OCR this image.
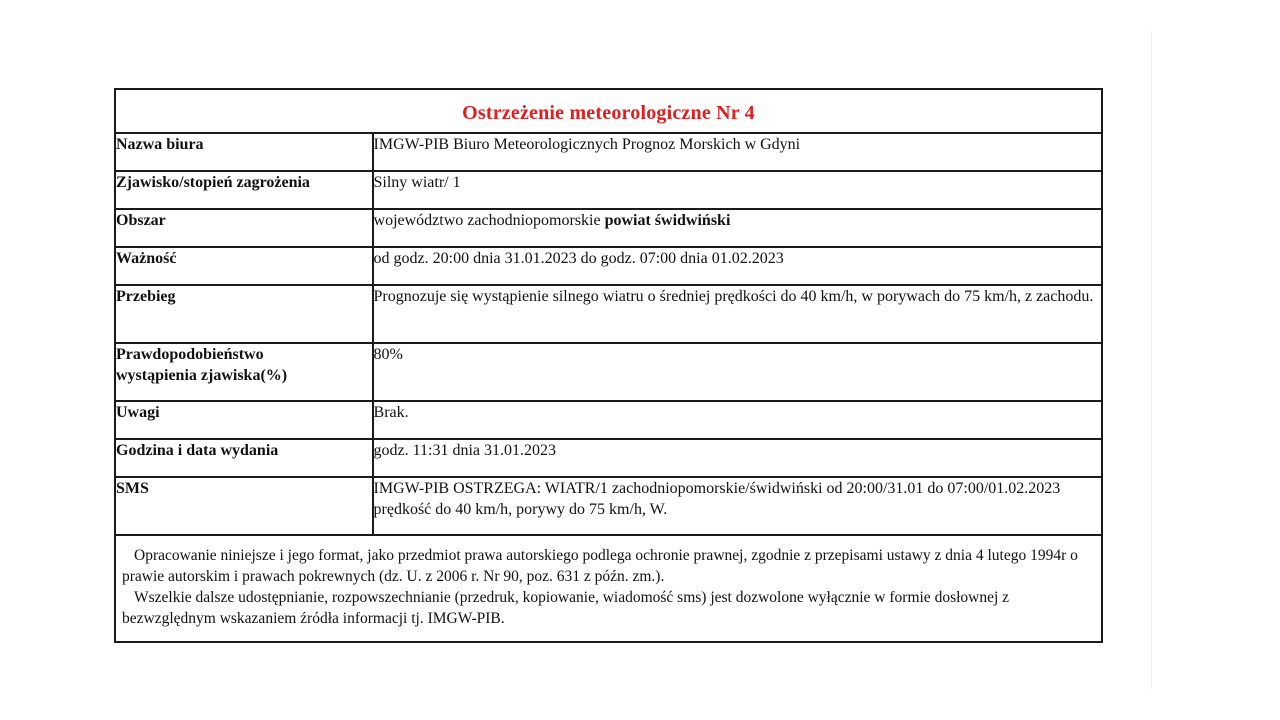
Ostrzeżenie meteorologiczne Nr 4	
Nazwa biura	IMGW-PIB Biuro Meteorologicznych Prognoz Morskich w Gdyni
Zjawisko/stopień zagrożenia	Silny wiatr/ 1
Obszar	województwo zachodniopomorskie powiat świdwiński
Ważność	od godz. 20:00 dnia 31.01.2023 do godz. 07:00 dnia 01.02.2023
Przebieg	Prognozuje się wystąpienie silnego wiatru o średniej prędkości do 40 km/h, w porywach do 75 km/h, z zachodu.
Prawdopodobieństwo wystąpienia zjawiska(%)	80%
Uwagi	Brak.
Godzina i data wydania	godz. 11:31 dnia 31.01.2023
SMS	IMGW-PIB OSTRZEGA: WIATR/1 zachodniopomorskie/świdwiński od 20:00/31.01 do 07:00/01.02.2023 prędkość do 40 km/h, porywy do 75 km/h, W.

Opracowanie niniejsze i jego format, jako przedmiot prawa autorskiego podlega ochronie prawnej, zgodnie z przepisami ustawy z dnia 4 lutego 1994r o prawie autorskim i prawach pokrewnych (dz. U. z 2006 r. Nr 90, poz. 631 z późn. zm.).

Wszelkie dalsze udostępnianie, rozpowszechnianie (przedruk, kopiowanie, wiadomość sms) jest dozwolone wyłącznie w formie dosłownej z bezwzględnym wskazaniem źródła informacji tj. IMGW-PIB.	
